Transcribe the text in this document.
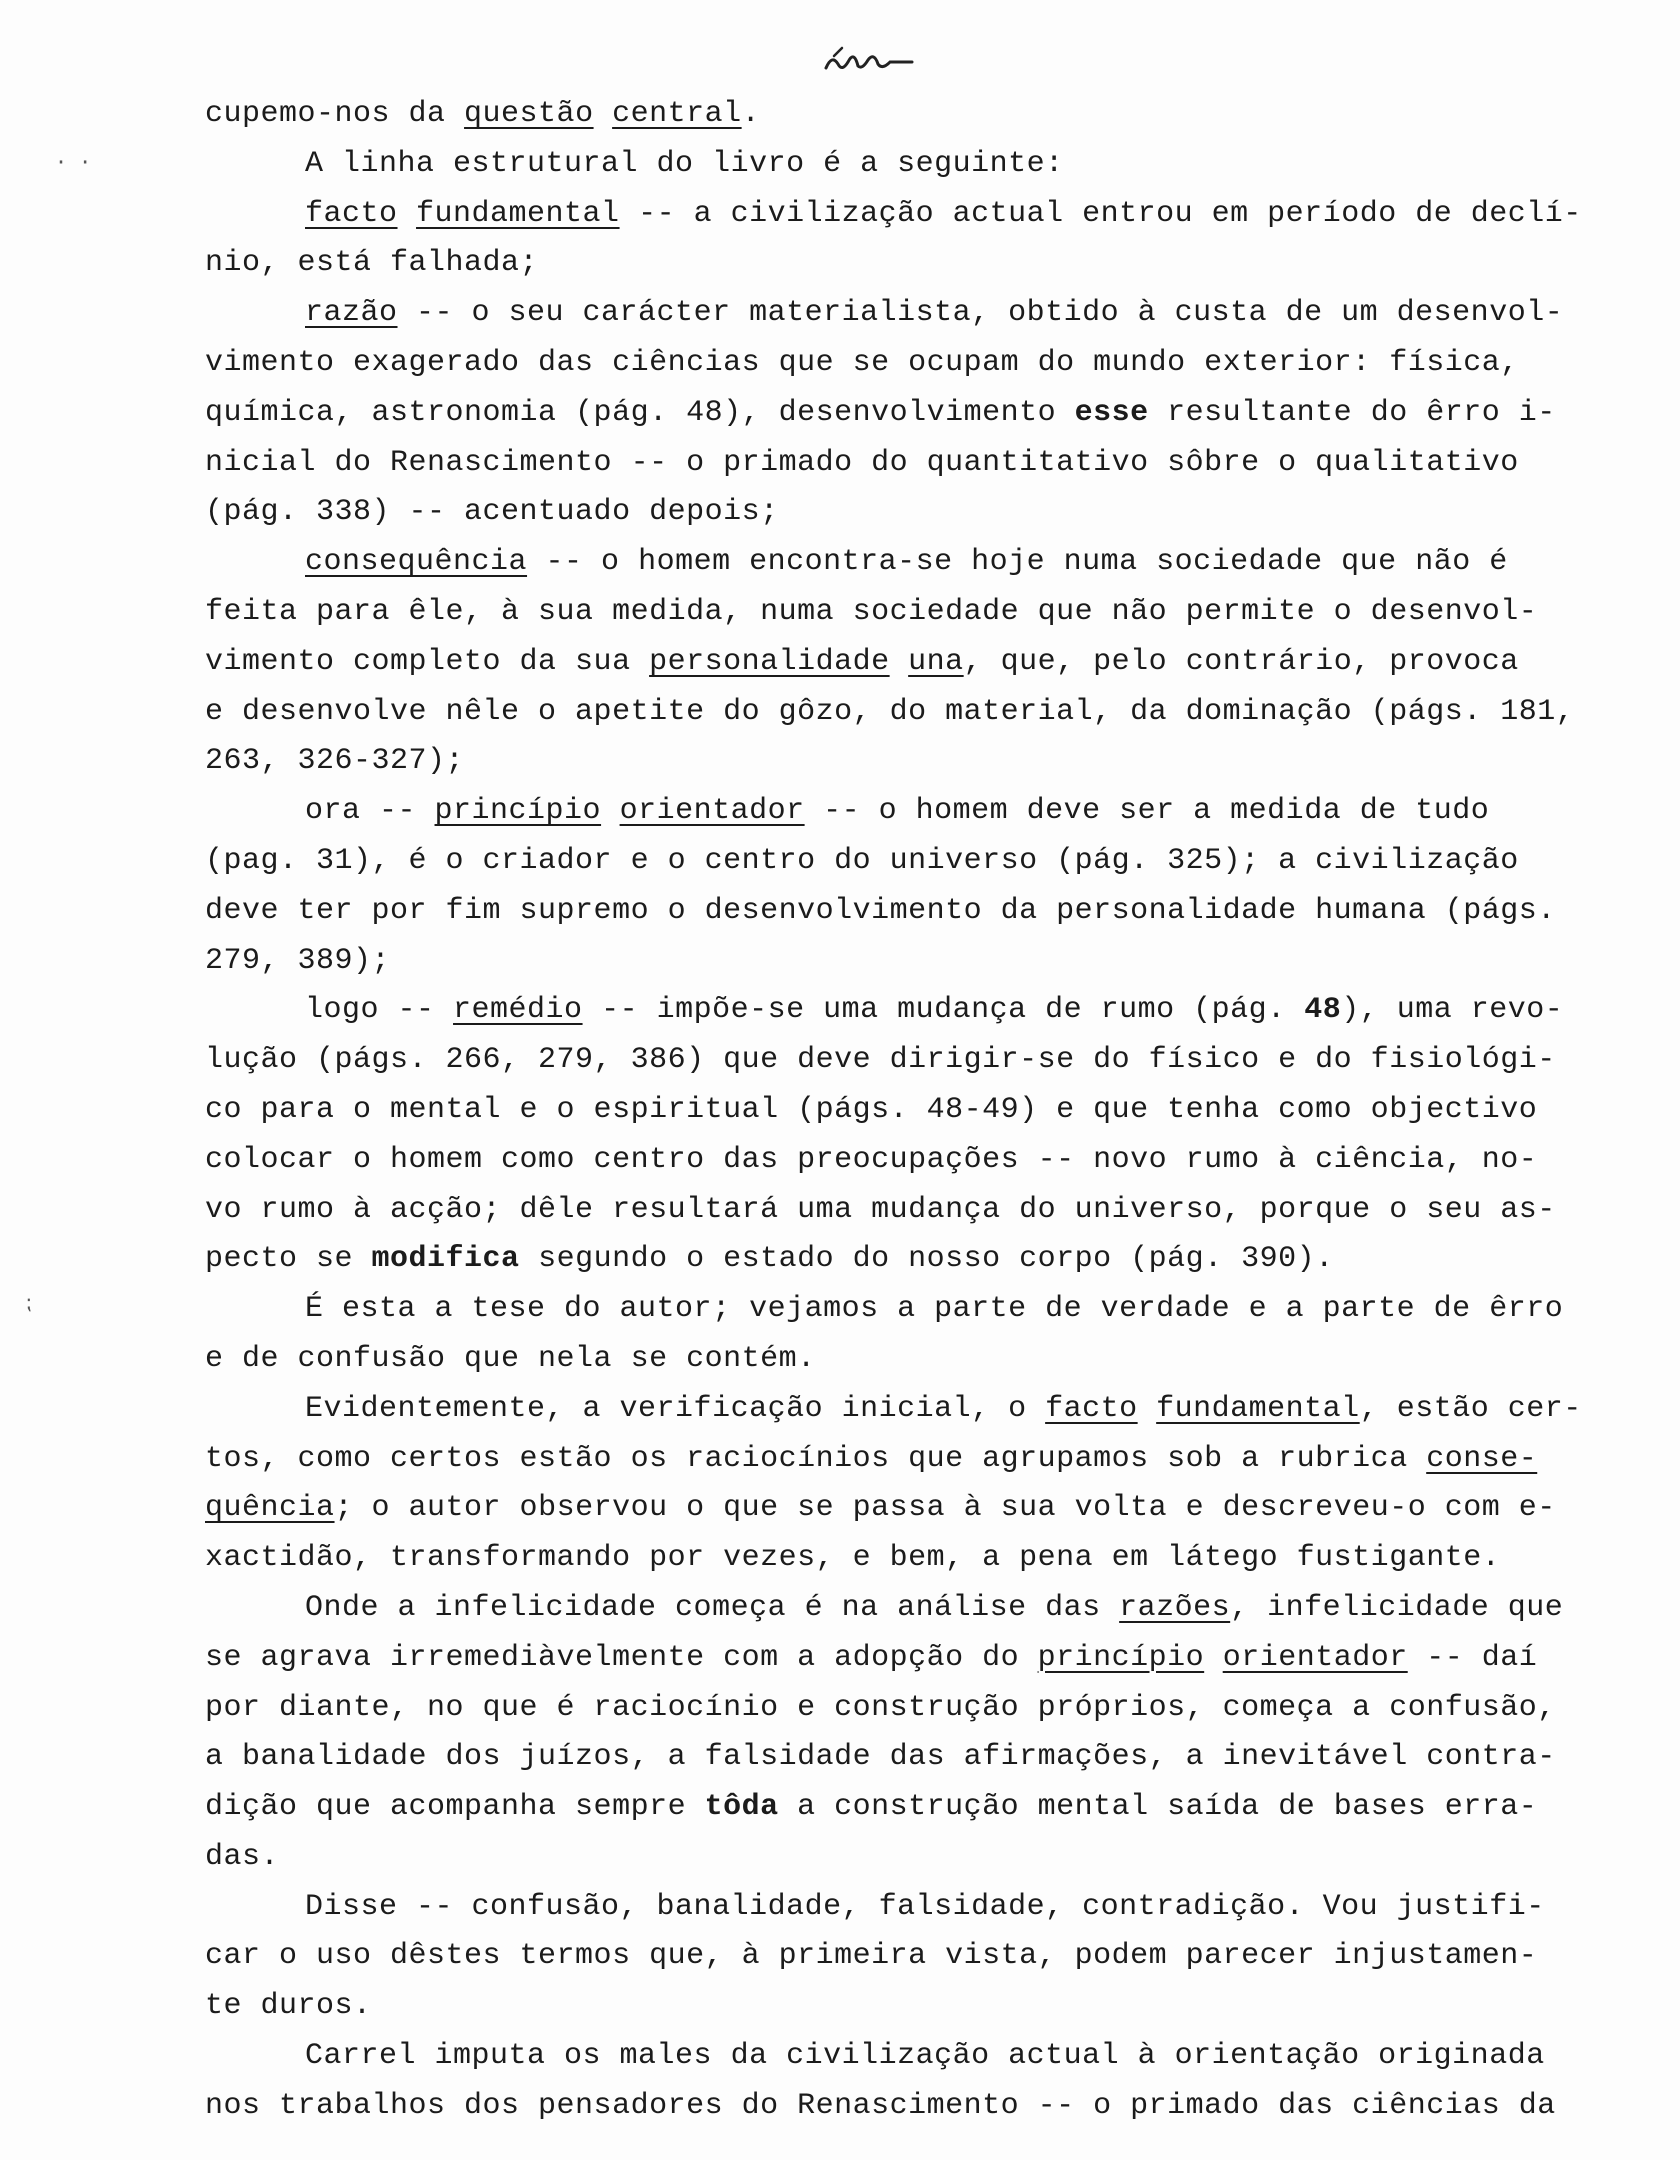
· ·
⁏
cupemo-nos da questão central.
A linha estrutural do livro é a seguinte:
facto fundamental -- a civilização actual entrou em período de declí-
nio, está falhada;
razão -- o seu carácter materialista, obtido à custa de um desenvol-
vimento exagerado das ciências que se ocupam do mundo exterior: física,
química, astronomia (pág. 48), desenvolvimento esse resultante do êrro i-
nicial do Renascimento -- o primado do quantitativo sôbre o qualitativo
(pág. 338) -- acentuado depois;
consequência -- o homem encontra-se hoje numa sociedade que não é
feita para êle, à sua medida, numa sociedade que não permite o desenvol-
vimento completo da sua personalidade una, que, pelo contrário, provoca
e desenvolve nêle o apetite do gôzo, do material, da dominação (págs. 181,
263, 326-327);
ora -- princípio orientador -- o homem deve ser a medida de tudo
(pag. 31), é o criador e o centro do universo (pág. 325); a civilização
deve ter por fim supremo o desenvolvimento da personalidade humana (págs.
279, 389);
logo -- remédio -- impõe-se uma mudança de rumo (pág. 48), uma revo-
lução (págs. 266, 279, 386) que deve dirigir-se do físico e do fisiológi-
co para o mental e o espiritual (págs. 48-49) e que tenha como objectivo
colocar o homem como centro das preocupações -- novo rumo à ciência, no-
vo rumo à acção; dêle resultará uma mudança do universo, porque o seu as-
pecto se modifica segundo o estado do nosso corpo (pág. 390).
É esta a tese do autor; vejamos a parte de verdade e a parte de êrro
e de confusão que nela se contém.
Evidentemente, a verificação inicial, o facto fundamental, estão cer-
tos, como certos estão os raciocínios que agrupamos sob a rubrica conse-
quência; o autor observou o que se passa à sua volta e descreveu-o com e-
xactidão, transformando por vezes, e bem, a pena em látego fustigante.
Onde a infelicidade começa é na análise das razões, infelicidade que
se agrava irremediàvelmente com a adopção do princípio orientador -- daí
por diante, no que é raciocínio e construção próprios, começa a confusão,
a banalidade dos juízos, a falsidade das afirmações, a inevitável contra-
dição que acompanha sempre tôda a construção mental saída de bases erra-
das.
Disse -- confusão, banalidade, falsidade, contradição. Vou justifi-
car o uso dêstes termos que, à primeira vista, podem parecer injustamen-
te duros.
Carrel imputa os males da civilização actual à orientação originada
nos trabalhos dos pensadores do Renascimento -- o primado das ciências da
